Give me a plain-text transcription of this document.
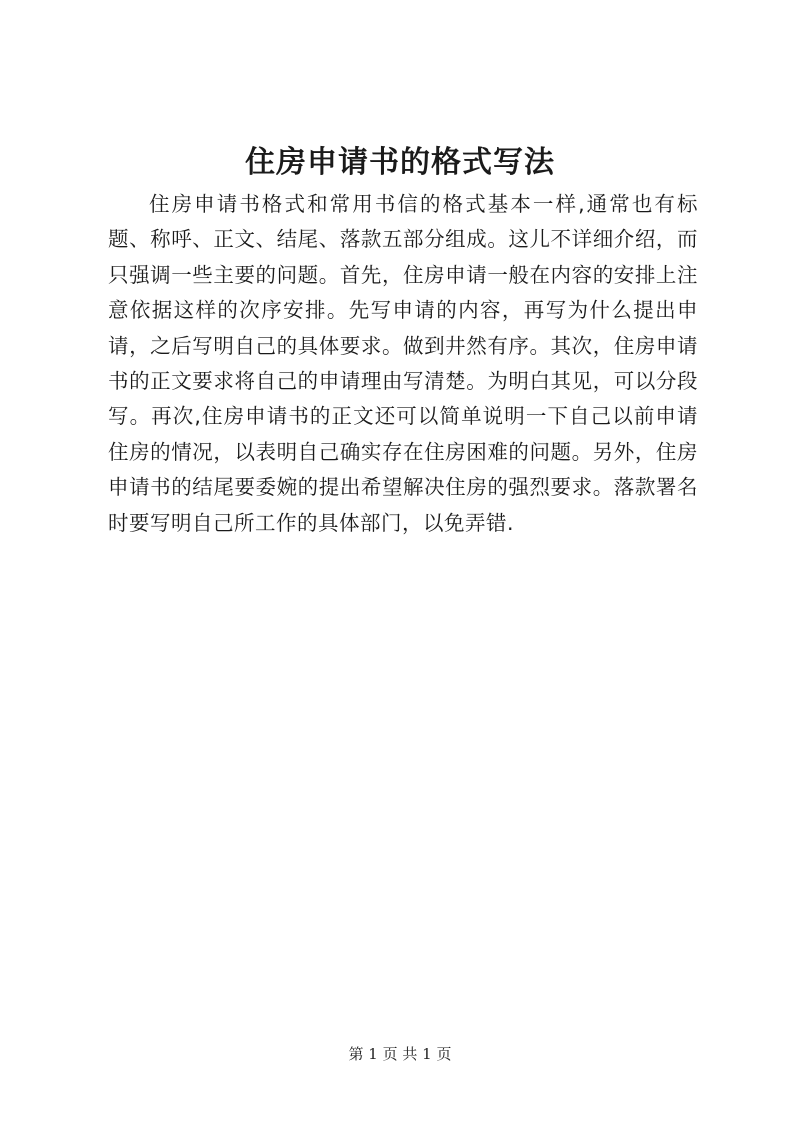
住房申请书的格式写法

住房申请书格式和常用书信的格式基本一样,通常也有标题、称呼、正文、结尾、落款五部分组成。这儿不详细介绍，而只强调一些主要的问题。首先，住房申请一般在内容的安排上注意依据这样的次序安排。先写申请的内容，再写为什么提出申请，之后写明自己的具体要求。做到井然有序。其次，住房申请书的正文要求将自己的申请理由写清楚。为明白其见，可以分段写。再次,住房申请书的正文还可以简单说明一下自己以前申请住房的情况，以表明自己确实存在住房困难的问题。另外，住房申请书的结尾要委婉的提出希望解决住房的强烈要求。落款署名时要写明自己所工作的具体部门，以免弄错.

第 1 页 共 1 页
